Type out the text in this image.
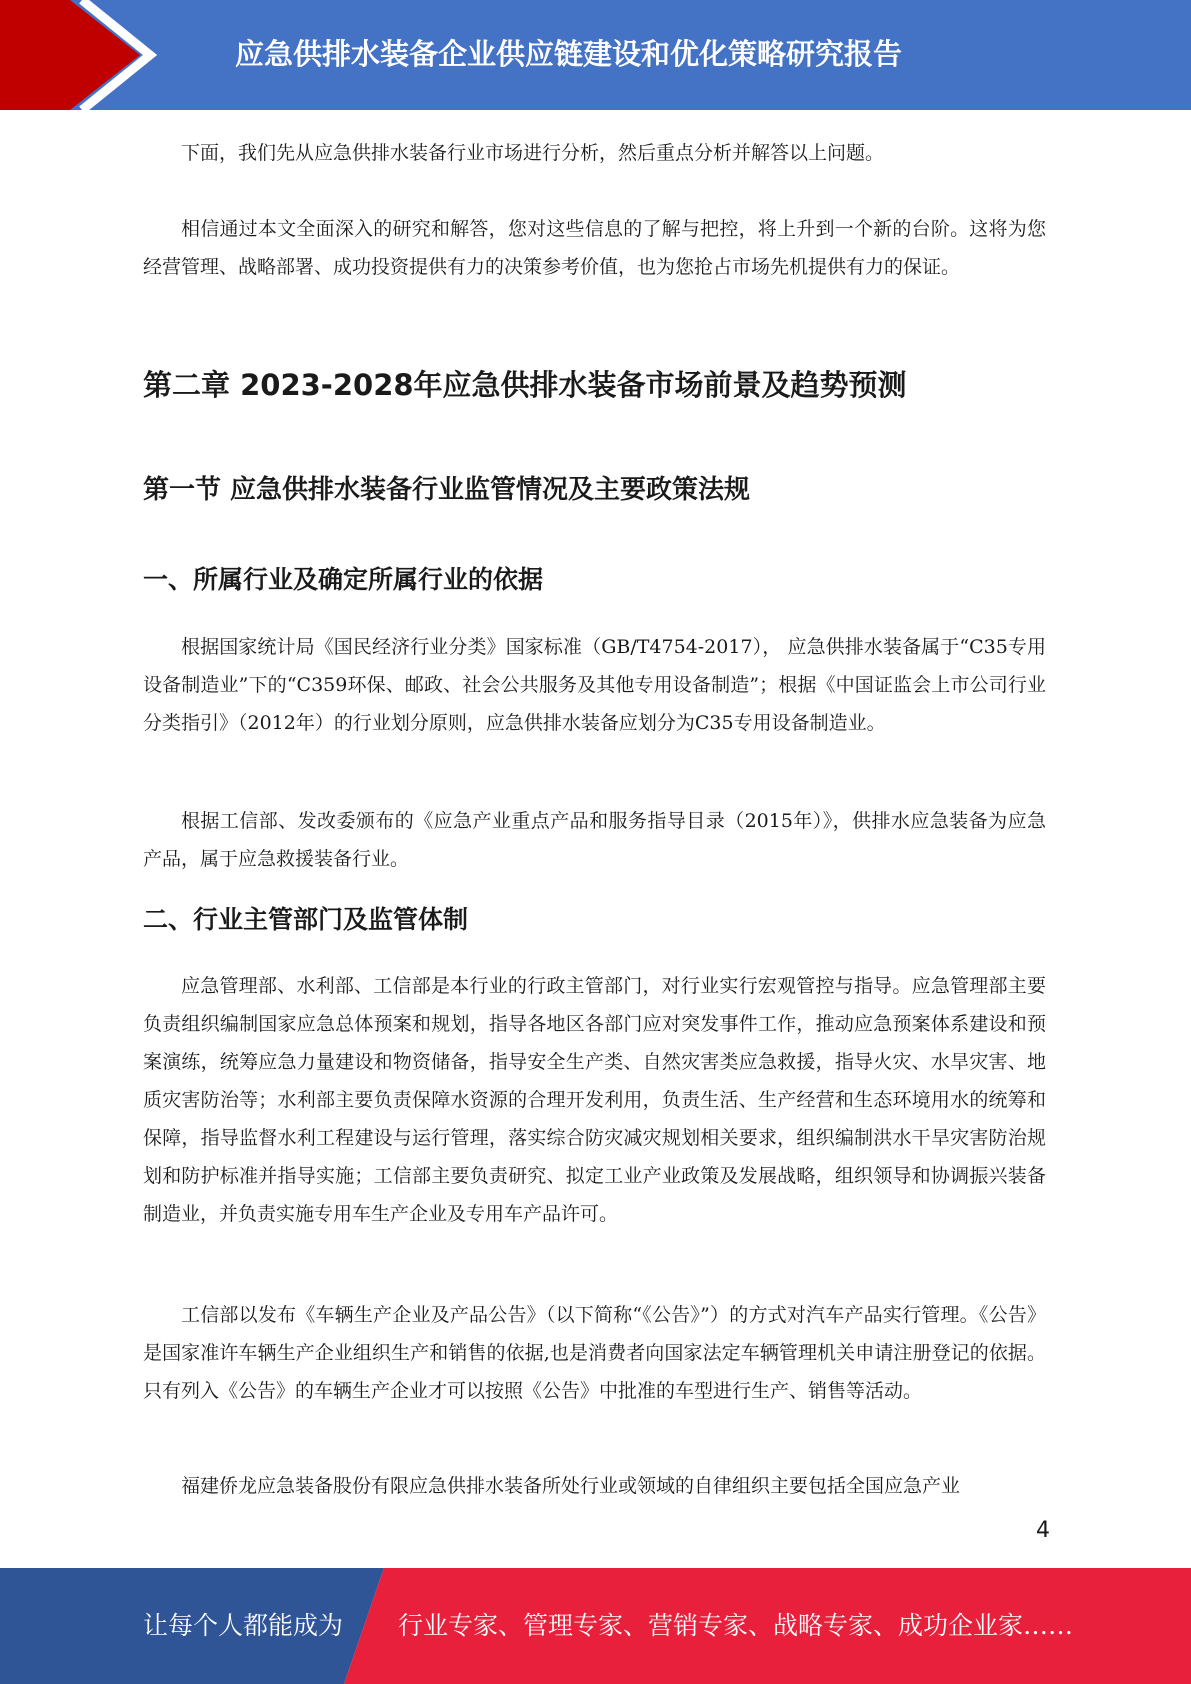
应急供排水装备企业供应链建设和优化策略研究报告

下面，我们先从应急供排水装备行业市场进行分析，然后重点分析并解答以上问题。

相信通过本文全面深入的研究和解答，您对这些信息的了解与把控，将上升到一个新的台阶。这将为您经营管理、战略部署、成功投资提供有力的决策参考价值，也为您抢占市场先机提供有力的保证。

第二章 2023-2028年应急供排水装备市场前景及趋势预测
第一节 应急供排水装备行业监管情况及主要政策法规
一、所属行业及确定所属行业的依据

根据国家统计局《国民经济行业分类》国家标准（GB/T4754-2017）， 应急供排水装备属于“C35专用设备制造业”下的“C359环保、邮政、社会公共服务及其他专用设备制造”；根据《中国证监会上市公司行业分类指引》（2012年）的行业划分原则，应急供排水装备应划分为C35专用设备制造业。

根据工信部、发改委颁布的《应急产业重点产品和服务指导目录（2015年）》，供排水应急装备为应急产品，属于应急救援装备行业。

二、行业主管部门及监管体制

应急管理部、水利部、工信部是本行业的行政主管部门，对行业实行宏观管控与指导。应急管理部主要负责组织编制国家应急总体预案和规划，指导各地区各部门应对突发事件工作，推动应急预案体系建设和预案演练，统筹应急力量建设和物资储备，指导安全生产类、自然灾害类应急救援，指导火灾、水旱灾害、地质灾害防治等；水利部主要负责保障水资源的合理开发利用，负责生活、生产经营和生态环境用水的统筹和保障，指导监督水利工程建设与运行管理，落实综合防灾减灾规划相关要求，组织编制洪水干旱灾害防治规划和防护标准并指导实施；工信部主要负责研究、拟定工业产业政策及发展战略，组织领导和协调振兴装备制造业，并负责实施专用车生产企业及专用车产品许可。

工信部以发布《车辆生产企业及产品公告》（以下简称“《公告》”）的方式对汽车产品实行管理。《公告》是国家准许车辆生产企业组织生产和销售的依据,也是消费者向国家法定车辆管理机关申请注册登记的依据。只有列入《公告》的车辆生产企业才可以按照《公告》中批准的车型进行生产、销售等活动。

福建侨龙应急装备股份有限应急供排水装备所处行业或领域的自律组织主要包括全国应急产业

4
让每个人都能成为 行业专家、管理专家、营销专家、战略专家、成功企业家……
